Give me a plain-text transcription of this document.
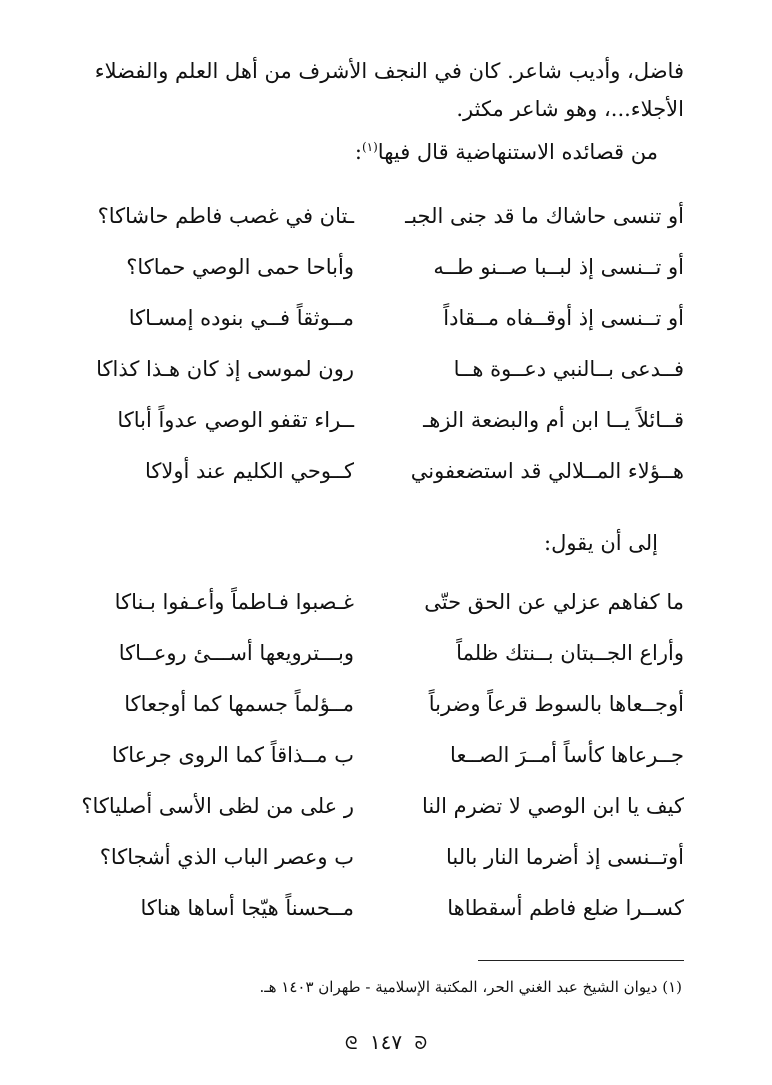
فاضل، وأديب شاعر. كان في النجف الأشرف من أهل العلم والفضلاء

الأجلاء...، وهو شاعر مكثر.

من قصائده الاستنهاضية قال فيها$^{(١)}$:
أو تنسى حاشاك ما قد جنى الجبـ
ـتان في غصب فاطم حاشاكا؟
أو تــنسى إذ لبــبا صــنو طــه
وأباحا حمى الوصي حماكا؟
أو تــنسى إذ أوقــفاه مــقاداً
مــوثقاً فــي بنوده إمسـاكا
فــدعى بــالنبي دعــوة هــا
رون لموسى إذ كان هـذا كذاكا
قــائلاً يــا ابن أم والبضعة الزهـ
ــراء تقفو الوصي عدواً أباكا
هــؤلاء المــلالي قد استضعفوني
كــوحي الكليم عند أولاكا
إلى أن يقول:
ما كفاهم عزلي عن الحق حتّى
غـصبوا فـاطماً وأعـفوا بـناكا
وأراع الجــبتان بــنتك ظلماً
وبـــترويعها أســـئ روعــاكا
أوجــعاها بالسوط قرعاً وضرباً
مــؤلماً جسمها كما أوجعاكا
جــرعاها كأساً أمــرَ الصــعا
ب مــذاقاً كما الروى جرعاكا
كيف يا ابن الوصي لا تضرم النا
ر على من لظى الأسى أصلياكا؟
أوتــنسى إذ أضرما النار بالبا
ب وعصر الباب الذي أشجاكا؟
كســرا ضلع فاطم أسقطاها
مــحسناً هيّجا أساها هناكا
(١) ديوان الشيخ عبد الغني الحر، المكتبة الإسلامية - طهران ١٤٠٣ هـ.
ᘓ ١٤٧ ᘐ
